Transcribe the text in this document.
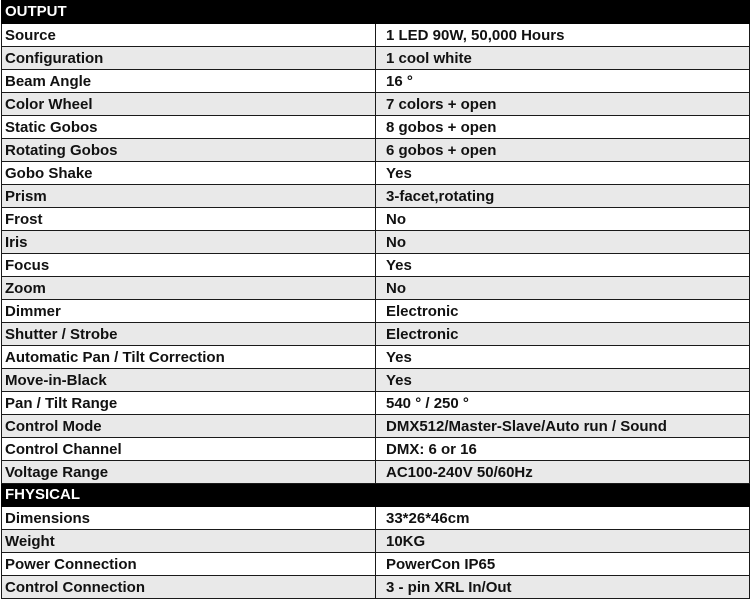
OUTPUT	
Source	1 LED 90W, 50,000 Hours
Configuration	1 cool white
Beam Angle	16 °
Color Wheel	7 colors + open
Static Gobos	8 gobos + open
Rotating Gobos	6 gobos + open
Gobo Shake	Yes
Prism	3-facet,rotating
Frost	No
Iris	No
Focus	Yes
Zoom	No
Dimmer	Electronic
Shutter / Strobe	Electronic
Automatic Pan / Tilt Correction	Yes
Move-in-Black	Yes
Pan / Tilt Range	540 ° / 250 °
Control Mode	DMX512/Master-Slave/Auto run / Sound
Control Channel	DMX: 6 or 16
Voltage Range	AC100-240V 50/60Hz
FHYSICAL	
Dimensions	33*26*46cm
Weight	10KG
Power Connection	PowerCon IP65
Control Connection	3 - pin XRL In/Out
